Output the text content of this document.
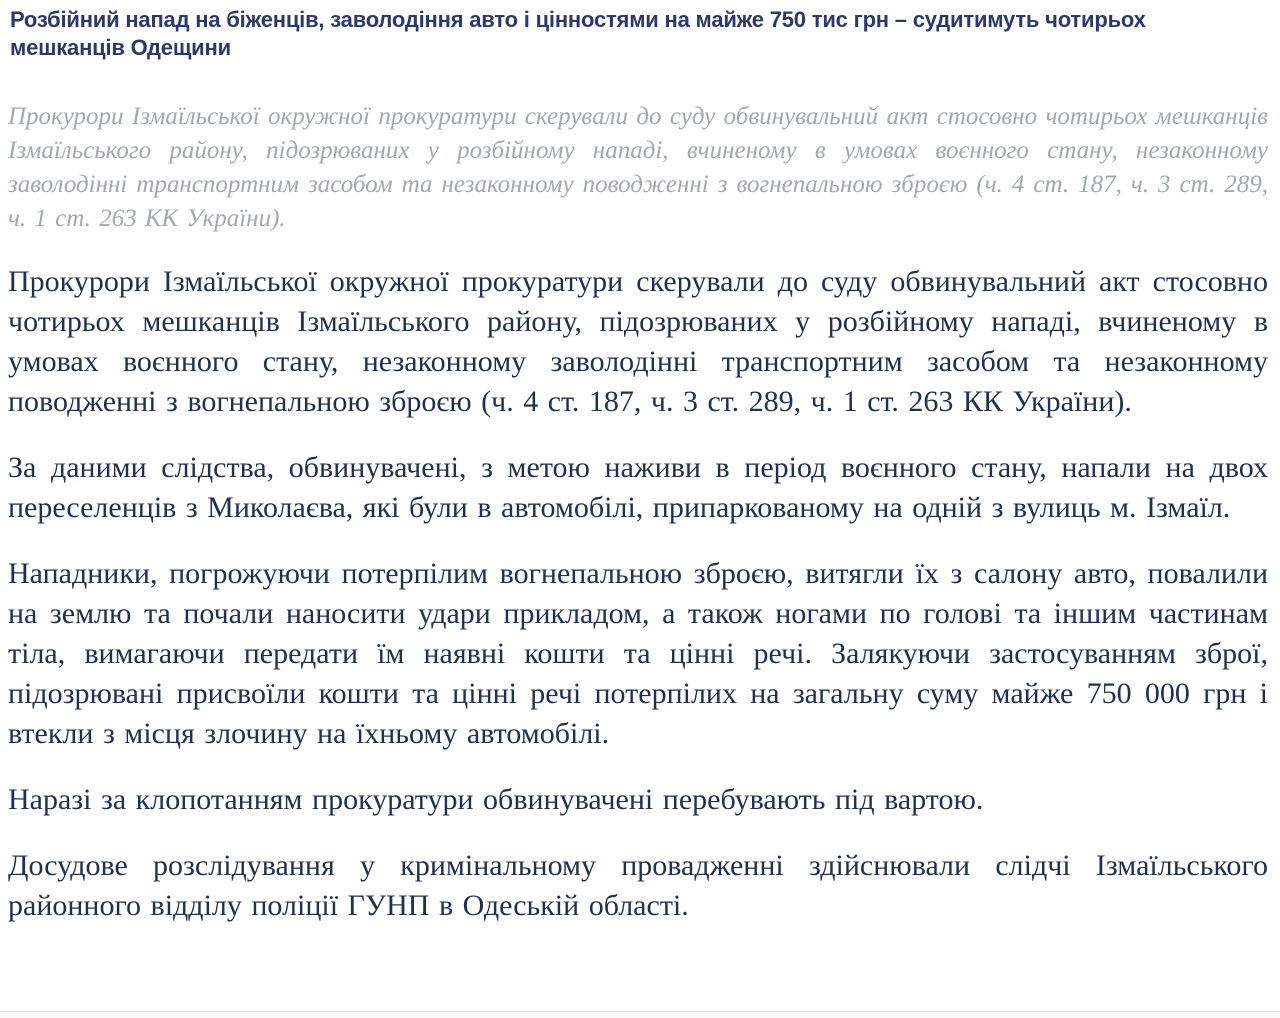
Розбійний напад на біженців, заволодіння авто і цінностями на майже 750 тис грн – судитимуть чотирьох мешканців Одещини

Прокурори Ізмаїльської окружної прокуратури скерували до суду обвинувальний акт стосовно чотирьох мешканців Ізмаїльського району, підозрюваних у розбійному нападі, вчиненому в умовах воєнного стану, незаконному заволодінні транспортним засобом та незаконному поводженні з вогнепальною зброєю (ч. 4 ст. 187, ч. 3 ст. 289, ч. 1 ст. 263 КК України).

Прокурори Ізмаїльської окружної прокуратури скерували до суду обвинувальний акт стосовно чотирьох мешканців Ізмаїльського району, підозрюваних у розбійному нападі, вчиненому в умовах воєнного стану, незаконному заволодінні транспортним засобом та незаконному поводженні з вогнепальною зброєю (ч. 4 ст. 187, ч. 3 ст. 289, ч. 1 ст. 263 КК України).

За даними слідства, обвинувачені, з метою наживи в період воєнного стану, напали на двох переселенців з Миколаєва, які були в автомобілі, припаркованому на одній з вулиць м. Ізмаїл.

Нападники, погрожуючи потерпілим вогнепальною зброєю, витягли їх з салону авто, повалили на землю та почали наносити удари прикладом, а також ногами по голові та іншим частинам тіла, вимагаючи передати їм наявні кошти та цінні речі. Залякуючи застосуванням зброї, підозрювані присвоїли кошти та цінні речі потерпілих на загальну суму майже 750 000 грн і втекли з місця злочину на їхньому автомобілі.

Наразі за клопотанням прокуратури обвинувачені перебувають під вартою.

Досудове розслідування у кримінальному провадженні здійснювали слідчі Ізмаїльського районного відділу поліції ГУНП в Одеській області.
